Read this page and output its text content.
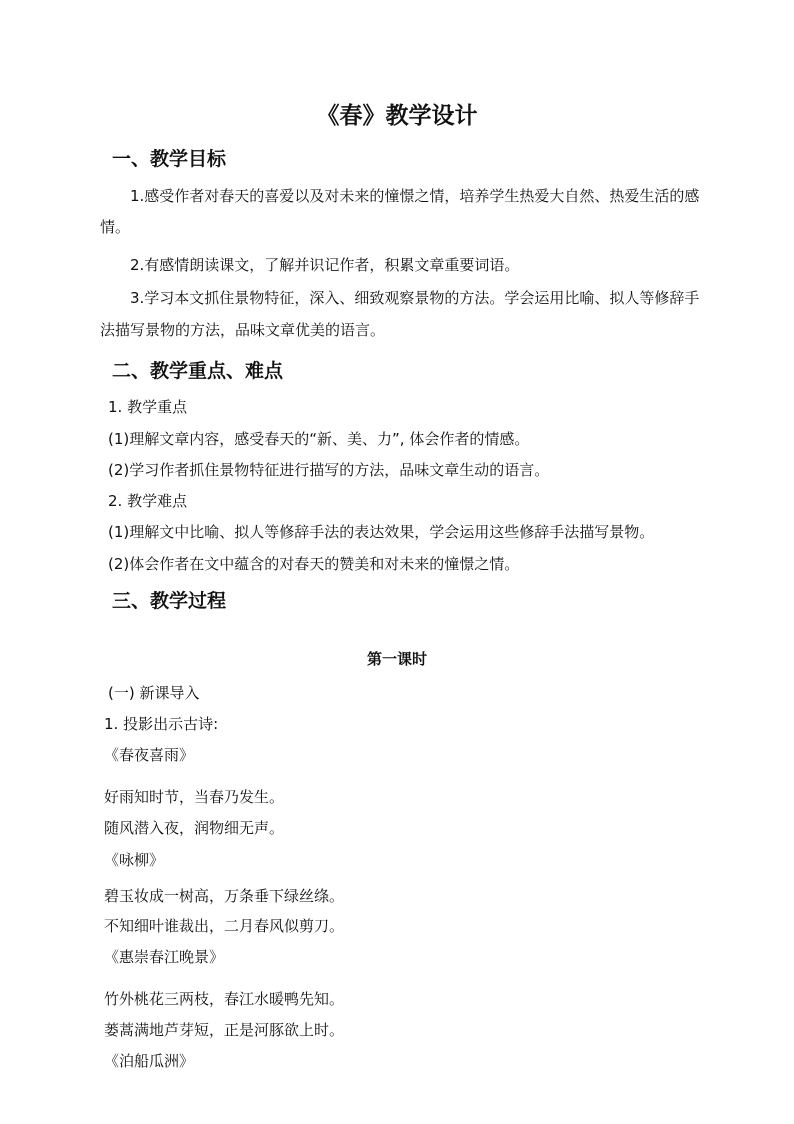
《春》教学设计
一、教学目标
1.感受作者对春天的喜爱以及对未来的憧憬之情，培养学生热爱大自然、热爱生活的感
情。
2.有感情朗读课文，了解并识记作者，积累文章重要词语。
3.学习本文抓住景物特征，深入、细致观察景物的方法。学会运用比喻、拟人等修辞手
法描写景物的方法，品味文章优美的语言。
二、教学重点、难点
1. 教学重点
(1)理解文章内容，感受春天的“新、美、力”, 体会作者的情感。
(2)学习作者抓住景物特征进行描写的方法，品味文章生动的语言。
2. 教学难点
(1)理解文中比喻、拟人等修辞手法的表达效果，学会运用这些修辞手法描写景物。
(2)体会作者在文中蕴含的对春天的赞美和对未来的憧憬之情。
三、教学过程
第一课时
(一) 新课导入
1. 投影出示古诗:
《春夜喜雨》
好雨知时节，当春乃发生。
随风潜入夜，润物细无声。
《咏柳》
碧玉妆成一树高，万条垂下绿丝绦。
不知细叶谁裁出，二月春风似剪刀。
《惠崇春江晚景》
竹外桃花三两枝，春江水暖鸭先知。
蒌蒿满地芦芽短，正是河豚欲上时。
《泊船瓜洲》
